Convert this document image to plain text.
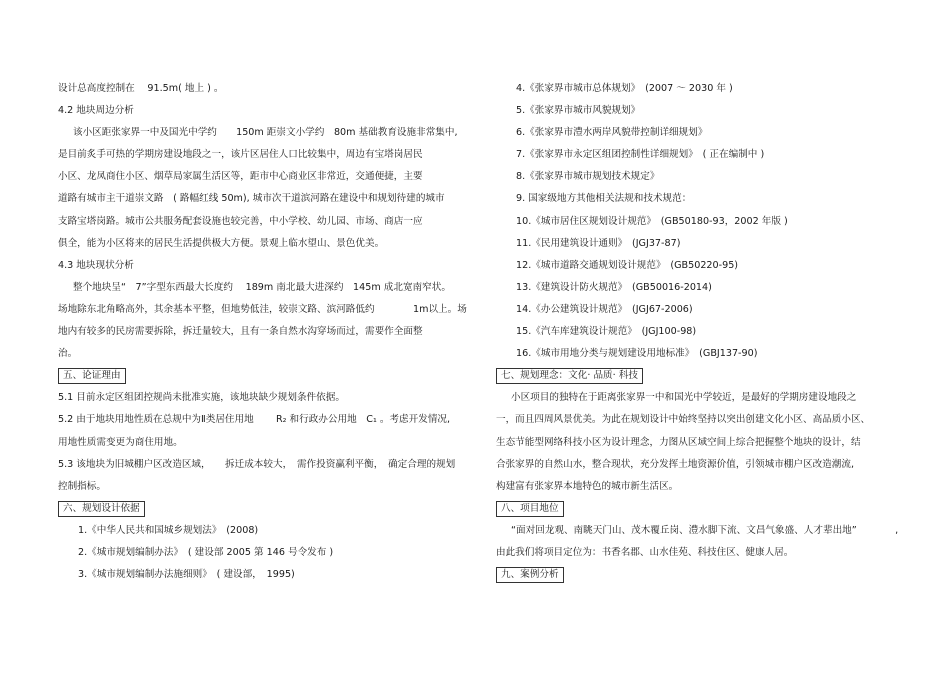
设计总高度控制在　 91.5m( 地上 ) 。
4.2 地块周边分析
该小区距张家界一中及国光中学约　　150m 距崇文小学约　80m 基础教育设施非常集中,
是目前炙手可热的学期房建设地段之一，该片区居住人口比较集中，周边有宝塔岗居民
小区、龙凤商住小区、烟草局家属生活区等，距市中心商业区非常近，交通便捷，主要
道路有城市主干道崇文路　( 路幅红线 50m), 城市次干道滨河路在建设中和规划待建的城市
支路宝塔岗路。城市公共服务配套设施也较完善，中小学校、幼儿园、市场、商店一应
俱全，能为小区将来的居民生活提供极大方便。景观上临水望山、景色优美。
4.3 地块现状分析
整个地块呈“　7”字型东西最大长度约　 189m 南北最大进深约　145m 成北宽南窄状。
场地除东北角略高外，其余基本平整，但地势低洼，较崇文路、滨河路低约　　　　1m以上。场
地内有较多的民房需要拆除，拆迁量较大，且有一条自然水沟穿场而过，需要作全面整
治。
五、论证理由
5.1 目前永定区组团控规尚未批准实施，该地块缺少规划条件依据。
5.2 由于地块用地性质在总规中为Ⅱ类居住用地　　 R₂ 和行政办公用地　C₁ 。考虑开发情况,
用地性质需变更为商住用地。
5.3 该地块为旧城棚户区改造区域，　　拆迁成本较大，　需作投资赢利平衡，　确定合理的规划
控制指标。
六、规划设计依据
1.《中华人民共和国城乡规划法》　(2008)
2.《城市规划编制办法》　( 建设部 2005 第 146 号令发布 )
3.《城市规划编制办法施细则》　( 建设部，　1995)
4.《张家界市城市总体规划》　(2007 ～ 2030 年 )
5.《张家界市城市风貌规划》
6.《张家界市澧水两岸风貌带控制详细规划》
7.《张家界市永定区组团控制性详细规划》　( 正在编制中 )
8.《张家界市城市规划技术规定》
9. 国家级地方其他相关法规和技术规范：
10.《城市居住区规划设计规范》　(GB50180-93，2002 年版 )
11.《民用建筑设计通则》　(JGJ37-87)
12.《城市道路交通规划设计规范》　(GB50220-95)
13.《建筑设计防火规范》　(GB50016-2014)
14.《办公建筑设计规范》　(JGJ67-2006)
15.《汽车库建筑设计规范》　(JGJ100-98)
16.《城市用地分类与规划建设用地标准》　(GBJ137-90)
七、规划理念：文化· 品质· 科技
小区项目的独特在于距离张家界一中和国光中学较近，是最好的学期房建设地段之
一，而且四周风景优美。为此在规划设计中始终坚持以突出创建文化小区、高品质小区、
生态节能型网络科技小区为设计理念，力图从区域空间上综合把握整个地块的设计，结
合张家界的自然山水，整合现状，充分发挥土地资源价值，引领城市棚户区改造潮流,
构建富有张家界本地特色的城市新生活区。
八、项目地位
“面对回龙观、南眺天门山、茂木覆丘岗、澧水脚下流、文昌气象盛、人才辈出地”　　　　,
由此我们将项目定位为：书香名郡、山水佳苑、科技住区、健康人居。
九、案例分析
